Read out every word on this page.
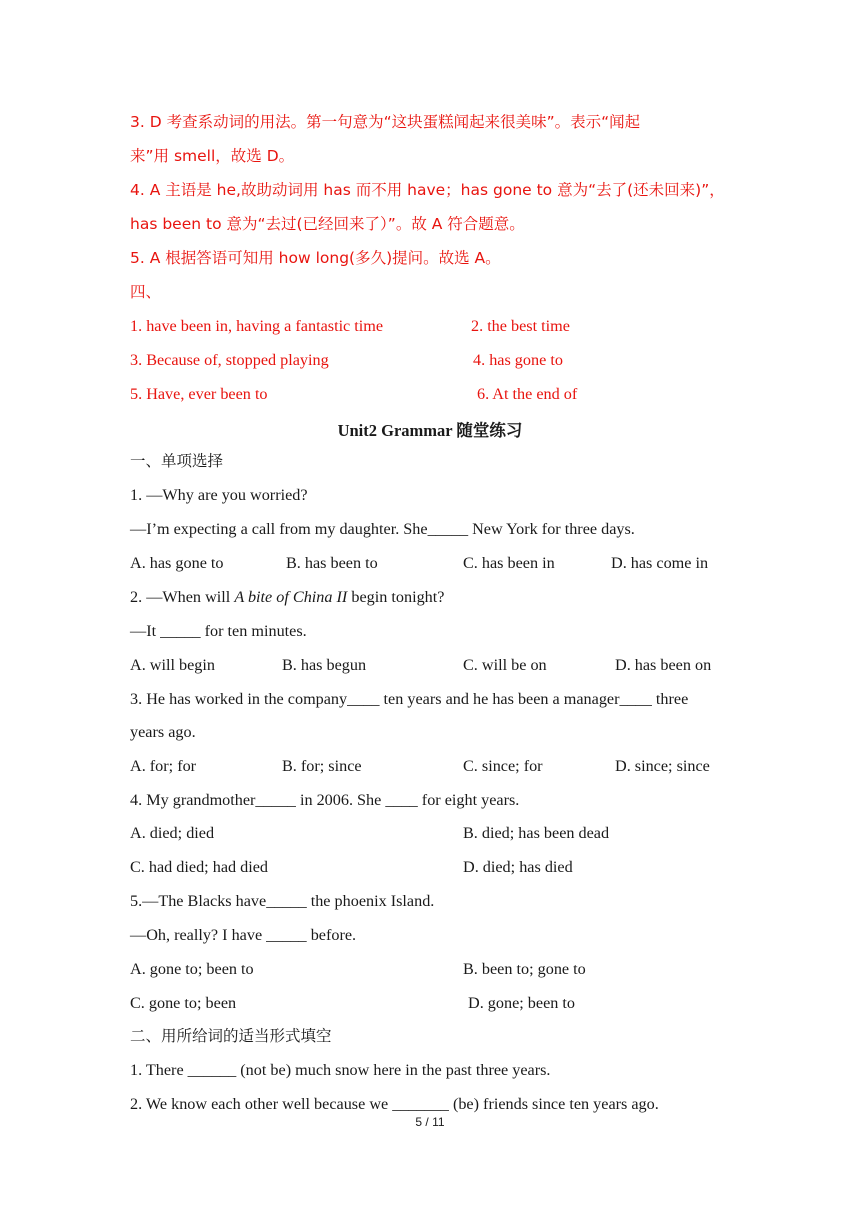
3. D 考查系动词的用法。第一句意为“这块蛋糕闻起来很美味”。表示“闻起
来”用 smell，故选 D。
4. A 主语是 he,故助动词用 has 而不用 have；has gone to 意为“去了(还未回来)”，
has been to 意为“去过(已经回来了）”。故 A 符合题意。
5. A 根据答语可知用 how long(多久)提问。故选 A。
四、
1. have been in, having a fantastic time	2. the best time
3. Because of, stopped playing	4. has gone to
5. Have, ever been to	6. At the end of
Unit2 Grammar 随堂练习
一、单项选择
1. —Why are you worried?
—I’m expecting a call from my daughter. She_____ New York for three days.
A. has gone to	B. has been to	C. has been in	D. has come in
2. —When will A bite of China II begin tonight?
—It _____ for ten minutes.
A. will begin	B. has begun	C. will be on	D. has been on
3. He has worked in the company____ ten years and he has been a manager____ three
years ago.
A. for; for	B. for; since	C. since; for	D. since; since
4. My grandmother_____ in 2006. She ____ for eight years.
A. died; died	B. died; has been dead
C. had died; had died	D. died; has died
5.—The Blacks have_____ the phoenix Island.
—Oh, really? I have _____ before.
A. gone to; been to	B. been to; gone to
C. gone to; been	D. gone; been to
二、用所给词的适当形式填空
1. There ______ (not be) much snow here in the past three years.
2. We know each other well because we _______ (be) friends since ten years ago.
5 / 11
